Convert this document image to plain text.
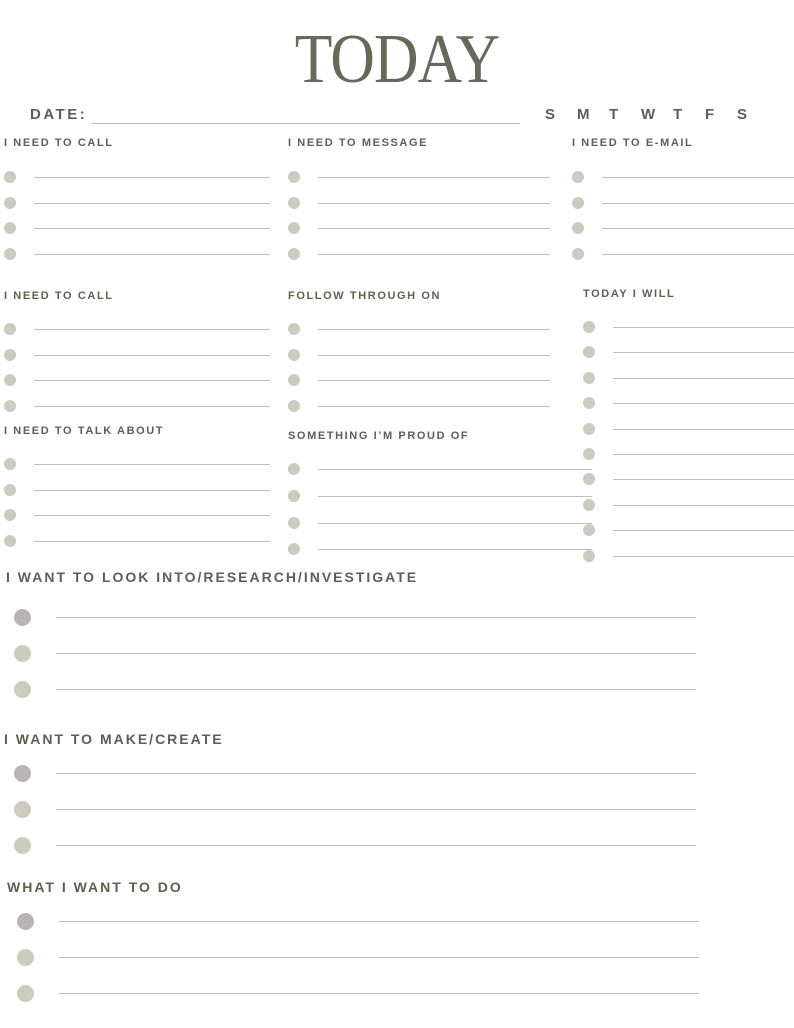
TODAY
DATE:	S	M	T	W	T	F	S
I NEED TO CALL	I NEED TO MESSAGE	I NEED TO E-MAIL
I NEED TO CALL	FOLLOW THROUGH ON	TODAY I WILL
I NEED TO TALK ABOUT	SOMETHING I’M PROUD OF
I WANT TO LOOK INTO/RESEARCH/INVESTIGATE
I WANT TO MAKE/CREATE
WHAT I WANT TO DO
